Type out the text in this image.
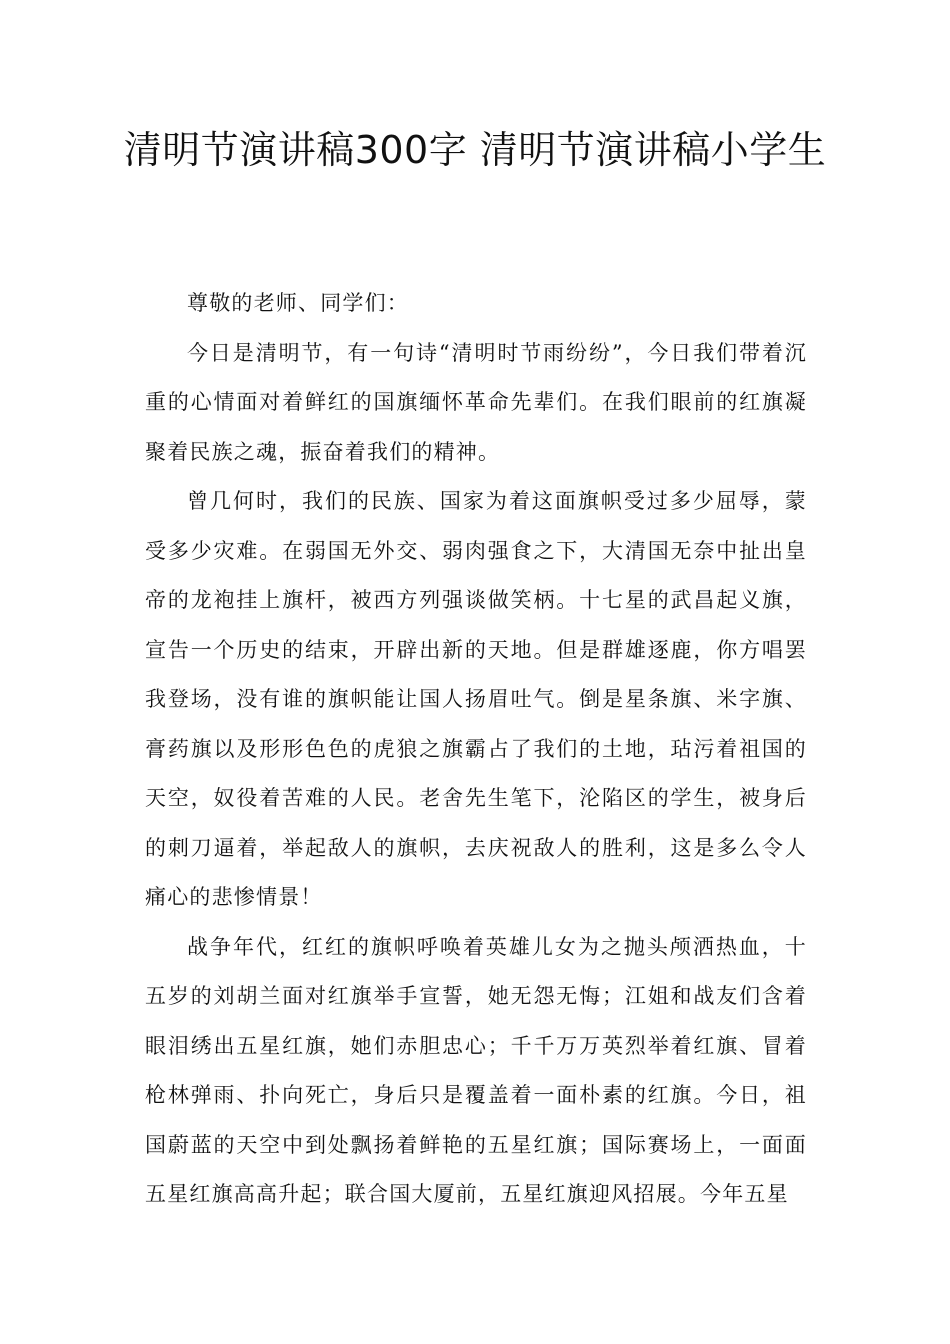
清明节演讲稿300字 清明节演讲稿小学生

尊敬的老师、同学们：

今日是清明节，有一句诗“清明时节雨纷纷”，今日我们带着沉重的心情面对着鲜红的国旗缅怀革命先辈们。在我们眼前的红旗凝聚着民族之魂，振奋着我们的精神。

曾几何时，我们的民族、国家为着这面旗帜受过多少屈辱，蒙受多少灾难。在弱国无外交、弱肉强食之下，大清国无奈中扯出皇帝的龙袍挂上旗杆，被西方列强谈做笑柄。十七星的武昌起义旗，宣告一个历史的结束，开辟出新的天地。但是群雄逐鹿，你方唱罢我登场，没有谁的旗帜能让国人扬眉吐气。倒是星条旗、米字旗、膏药旗以及形形色色的虎狼之旗霸占了我们的土地，玷污着祖国的天空，奴役着苦难的人民。老舍先生笔下，沦陷区的学生，被身后的刺刀逼着，举起敌人的旗帜，去庆祝敌人的胜利，这是多么令人痛心的悲惨情景！

战争年代，红红的旗帜呼唤着英雄儿女为之抛头颅洒热血，十五岁的刘胡兰面对红旗举手宣誓，她无怨无悔；江姐和战友们含着眼泪绣出五星红旗，她们赤胆忠心；千千万万英烈举着红旗、冒着枪林弹雨、扑向死亡，身后只是覆盖着一面朴素的红旗。今日，祖国蔚蓝的天空中到处飘扬着鲜艳的五星红旗；国际赛场上，一面面五星红旗高高升起；联合国大厦前，五星红旗迎风招展。今年五星
